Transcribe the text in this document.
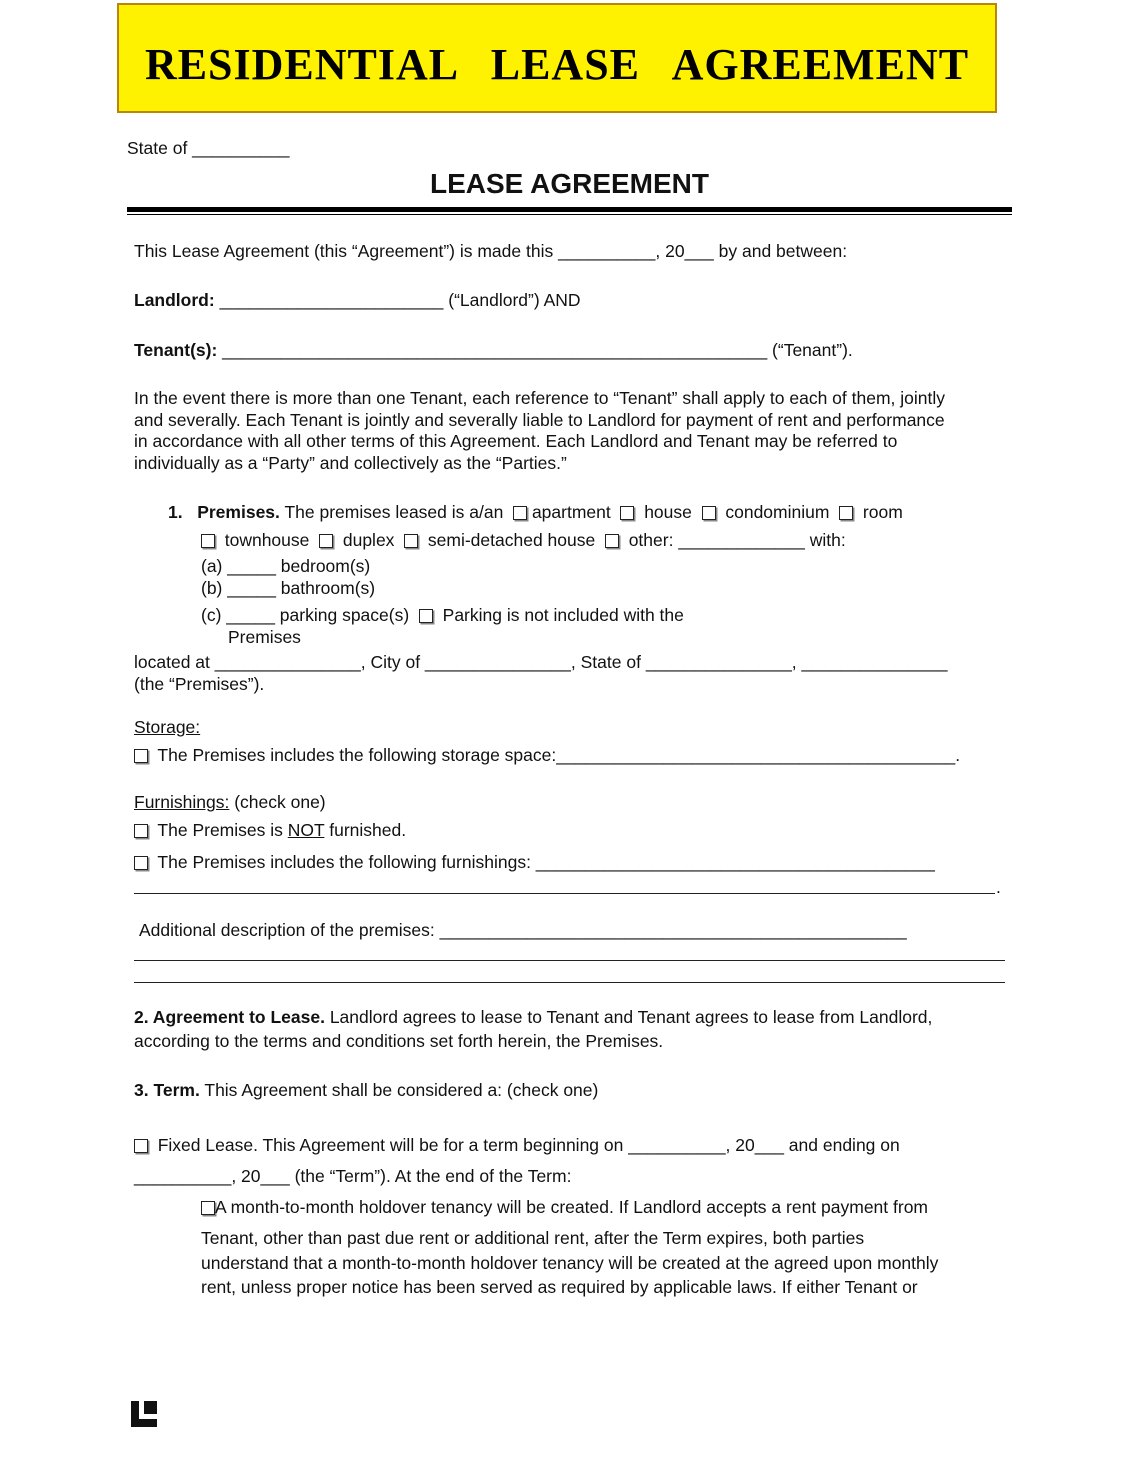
RESIDENTIAL LEASE AGREEMENT
State of __________
LEASE AGREEMENT
This Lease Agreement (this “Agreement”) is made this __________, 20___ by and between:
Landlord: _______________________ (“Landlord”) AND
Tenant(s): ________________________________________________________ (“Tenant”).
In the event there is more than one Tenant, each reference to “Tenant” shall apply to each of them, jointly
and severally. Each Tenant is jointly and severally liable to Landlord for payment of rent and performance
in accordance with all other terms of this Agreement. Each Landlord and Tenant may be referred to
individually as a “Party” and collectively as the “Parties.”
1. Premises. The premises leased is a/an apartment house condominium room
townhouse duplex semi-detached house other: _____________ with:
(a) _____ bedroom(s)
(b) _____ bathroom(s)
(c) _____ parking space(s) Parking is not included with the
Premises
located at _______________, City of _______________, State of _______________, _______________
(the “Premises”).
Storage:
The Premises includes the following storage space:_________________________________________.
Furnishings: (check one)
The Premises is NOT furnished.
The Premises includes the following furnishings: _________________________________________
.
Additional description of the premises: ________________________________________________
2. Agreement to Lease. Landlord agrees to lease to Tenant and Tenant agrees to lease from Landlord,
according to the terms and conditions set forth herein, the Premises.
3. Term. This Agreement shall be considered a: (check one)
Fixed Lease. This Agreement will be for a term beginning on __________, 20___ and ending on
__________, 20___ (the “Term”). At the end of the Term:
A month-to-month holdover tenancy will be created. If Landlord accepts a rent payment from
Tenant, other than past due rent or additional rent, after the Term expires, both parties
understand that a month-to-month holdover tenancy will be created at the agreed upon monthly
rent, unless proper notice has been served as required by applicable laws. If either Tenant or
